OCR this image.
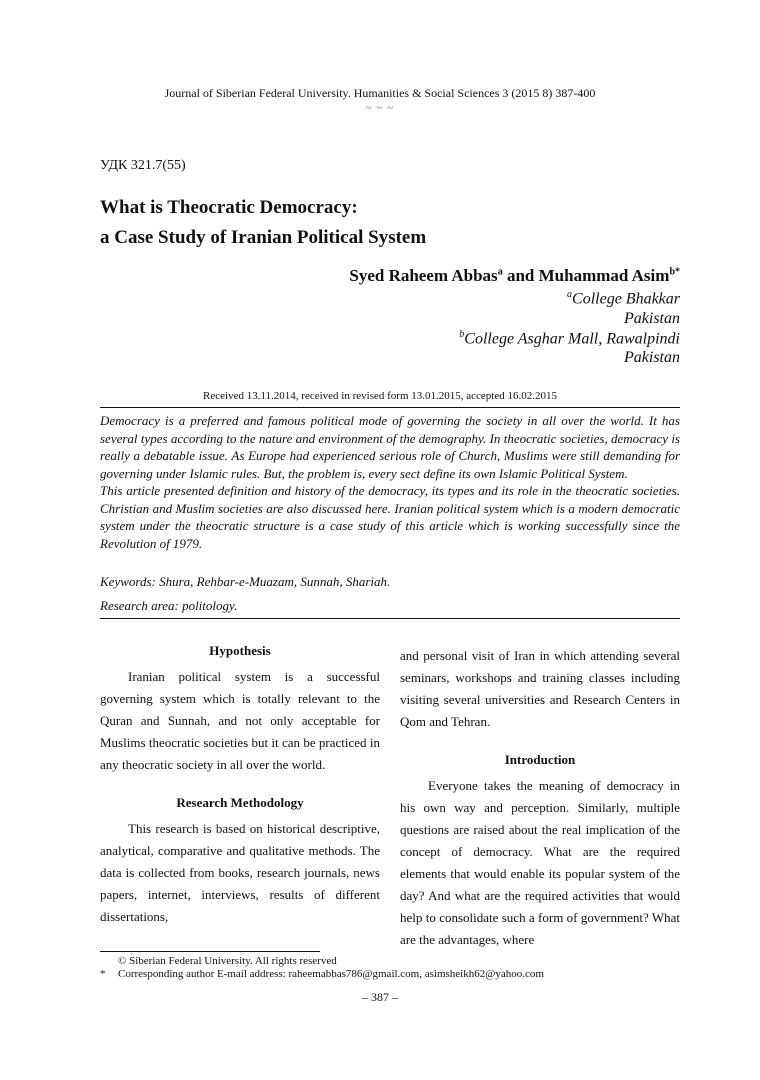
Journal of Siberian Federal University. Humanities & Social Sciences 3 (2015 8) 387-400
~ ~ ~
УДК 321.7(55)
What is Theocratic Democracy:
a Case Study of Iranian Political System
Syed Raheem Abbas$^a$ and Muhammad Asim$^{b*}$
$^a$College Bhakkar
Pakistan
$^b$College Asghar Mall, Rawalpindi
Pakistan
Received 13.11.2014, received in revised form 13.01.2015, accepted 16.02.2015

Democracy is a preferred and famous political mode of governing the society in all over the world. It has several types according to the nature and environment of the demography. In theocratic societies, democracy is really a debatable issue. As Europe had experienced serious role of Church, Muslims were still demanding for governing under Islamic rules. But, the problem is, every sect define its own Islamic Political System.

This article presented definition and history of the democracy, its types and its role in the theocratic societies. Christian and Muslim societies are also discussed here. Iranian political system which is a modern democratic system under the theocratic structure is a case study of this article which is working successfully since the Revolution of 1979.

Keywords: Shura, Rehbar-e-Muazam, Sunnah, Shariah.
Research area: politology.
Hypothesis

Iranian political system is a successful governing system which is totally relevant to the Quran and Sunnah, and not only acceptable for Muslims theocratic societies but it can be practiced in any theocratic society in all over the world.

Research Methodology

This research is based on historical descriptive, analytical, comparative and qualitative methods. The data is collected from books, research journals, news papers, internet, interviews, results of different dissertations,

and personal visit of Iran in which attending several seminars, workshops and training classes including visiting several universities and Research Centers in Qom and Tehran.

Introduction

Everyone takes the meaning of democracy in his own way and perception. Similarly, multiple questions are raised about the real implication of the concept of democracy. What are the required elements that would enable its popular system of the day? And what are the required activities that would help to consolidate such a form of government? What are the advantages, where

© Siberian Federal University. All rights reserved
* Corresponding author E-mail address: raheemabbas786@gmail.com, asimsheikh62@yahoo.com
– 387 –
